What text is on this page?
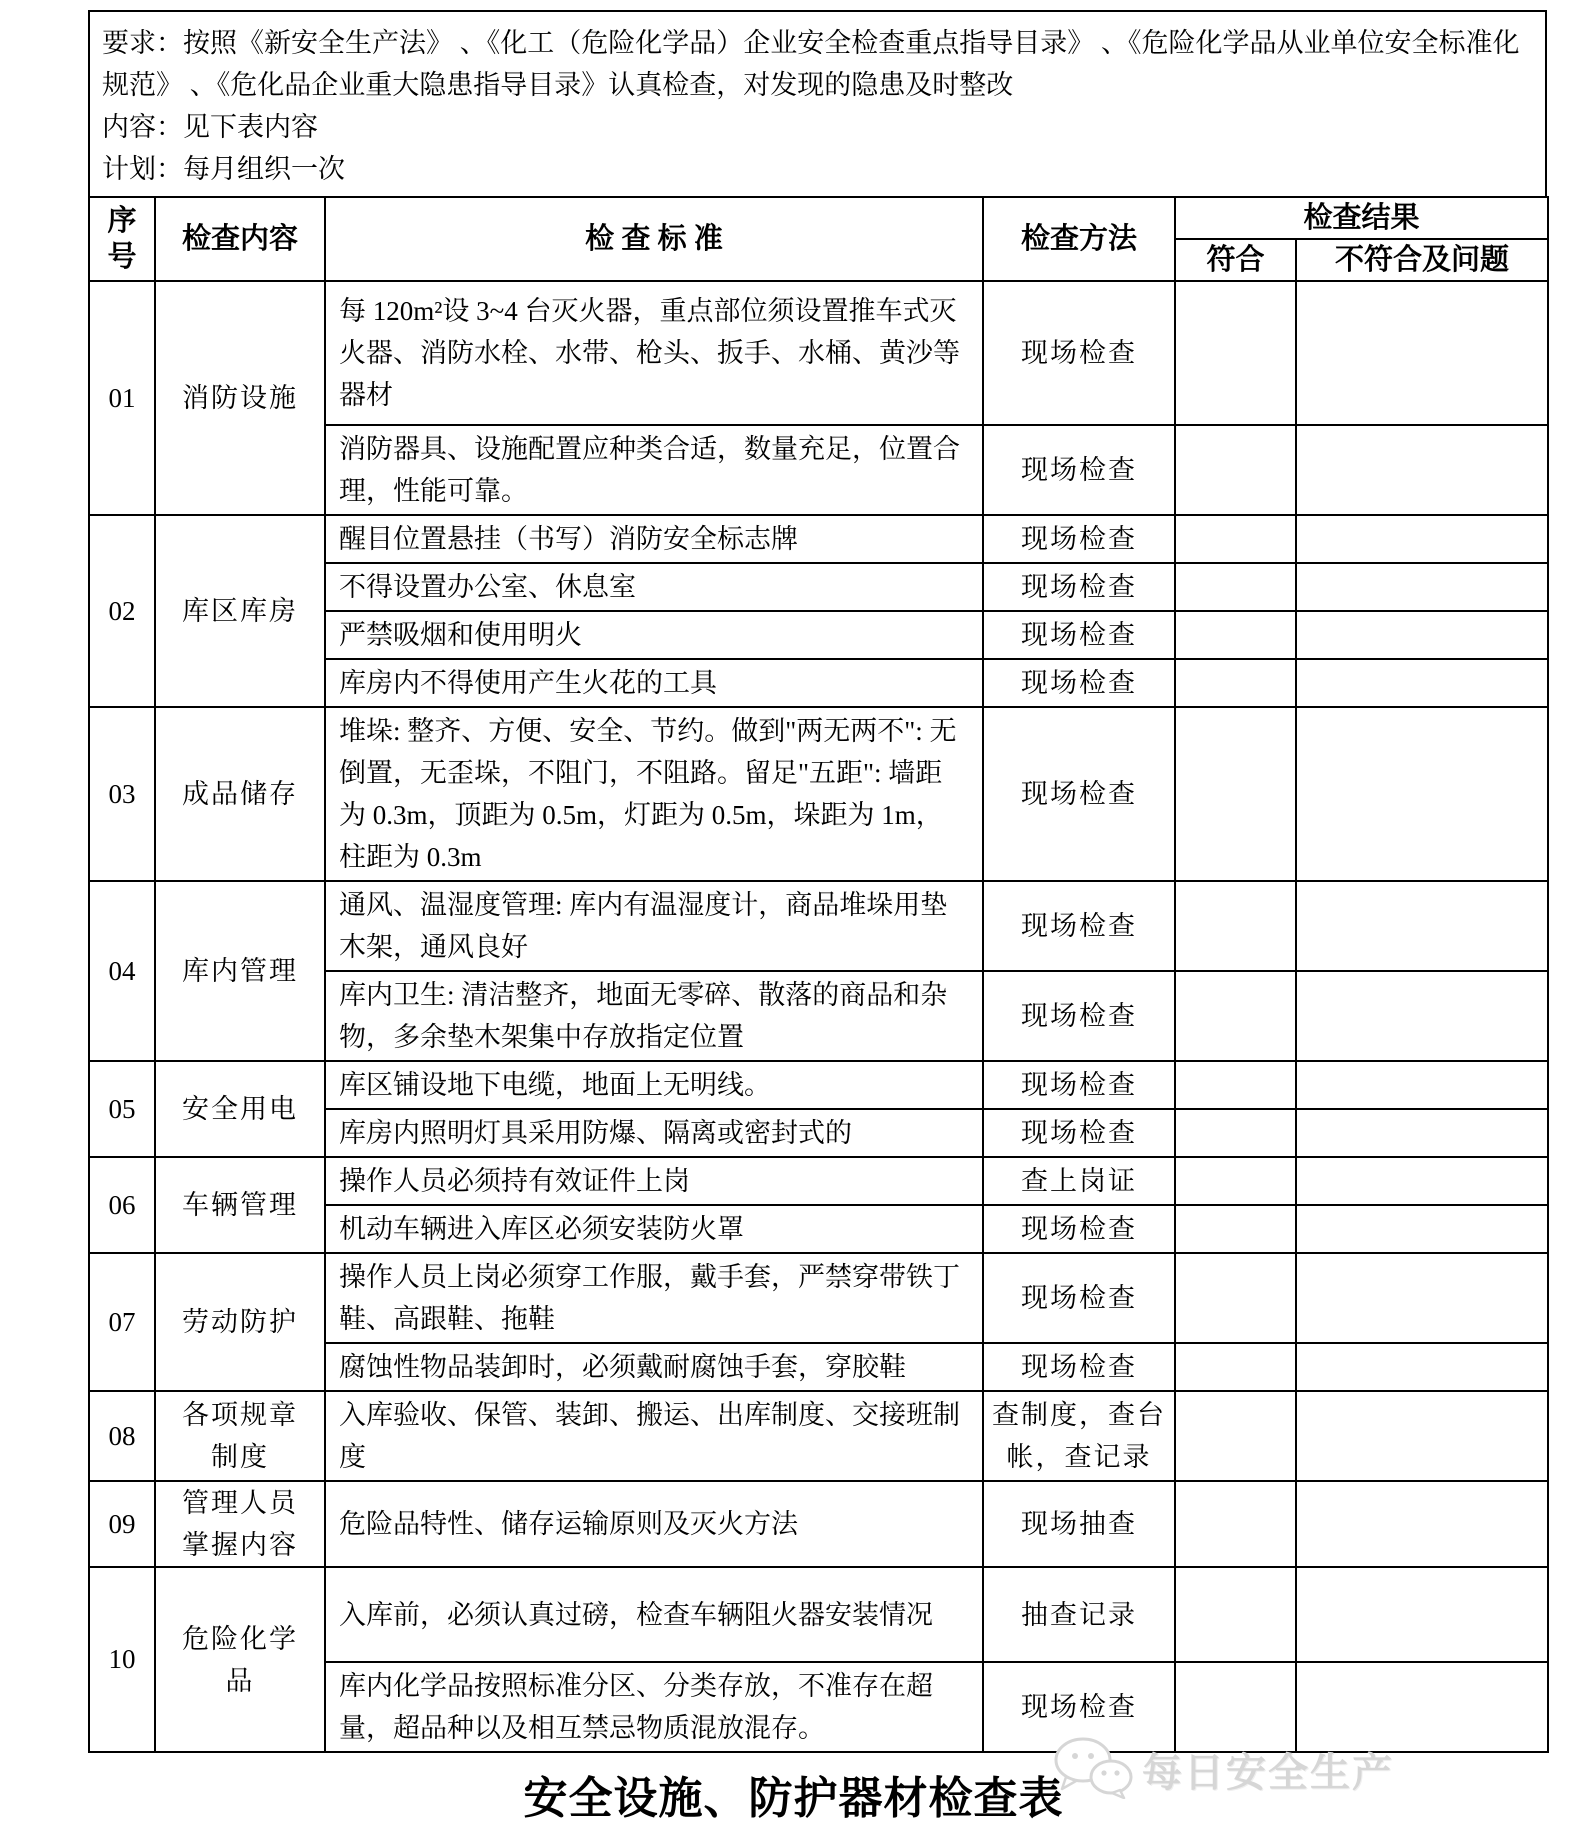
要求：按照《新安全生产法》 、《化工（危险化学品）企业安全检查重点指导目录》 、《危险化学品从业单位安全标准化规范》 、《危化品企业重大隐患指导目录》认真检查，对发现的隐患及时整改

内容：见下表内容

计划：每月组织一次

序号	检查内容	检 查 标 准	检查方法	检查结果	
				符合	不符合及问题
01	消防设施	每 120m²设 3~4 台灭火器，重点部位须设置推车式灭火器、消防水栓、水带、枪头、扳手、水桶、黄沙等器材	现场检查		
		消防器具、设施配置应种类合适，数量充足，位置合理，性能可靠。	现场检查		
02	库区库房	醒目位置悬挂（书写）消防安全标志牌	现场检查		
		不得设置办公室、休息室	现场检查		
		严禁吸烟和使用明火	现场检查		
		库房内不得使用产生火花的工具	现场检查		
03	成品储存	堆垛: 整齐、方便、安全、节约。做到"两无两不": 无倒置，无歪垛，不阻门，不阻路。留足"五距": 墙距为 0.3m，顶距为 0.5m，灯距为 0.5m，垛距为 1m，柱距为 0.3m	现场检查		
04	库内管理	通风、温湿度管理: 库内有温湿度计，商品堆垛用垫木架，通风良好	现场检查		
		库内卫生: 清洁整齐，地面无零碎、散落的商品和杂物，多余垫木架集中存放指定位置	现场检查		
05	安全用电	库区铺设地下电缆，地面上无明线。	现场检查		
		库房内照明灯具采用防爆、隔离或密封式的	现场检查		
06	车辆管理	操作人员必须持有效证件上岗	查上岗证		
		机动车辆进入库区必须安装防火罩	现场检查		
07	劳动防护	操作人员上岗必须穿工作服，戴手套，严禁穿带铁丁鞋、高跟鞋、拖鞋	现场检查		
		腐蚀性物品装卸时，必须戴耐腐蚀手套，穿胶鞋	现场检查		
08	各项规章制度	入库验收、保管、装卸、搬运、出库制度、交接班制度	查制度，查台帐，查记录		
09	管理人员掌握内容	危险品特性、储存运输原则及灭火方法	现场抽查		
10	危险化学品	入库前，必须认真过磅，检查车辆阻火器安装情况	抽查记录		
		库内化学品按照标准分区、分类存放，不准存在超量，超品种以及相互禁忌物质混放混存。	现场检查		
每日安全生产
安全设施、防护器材检查表
